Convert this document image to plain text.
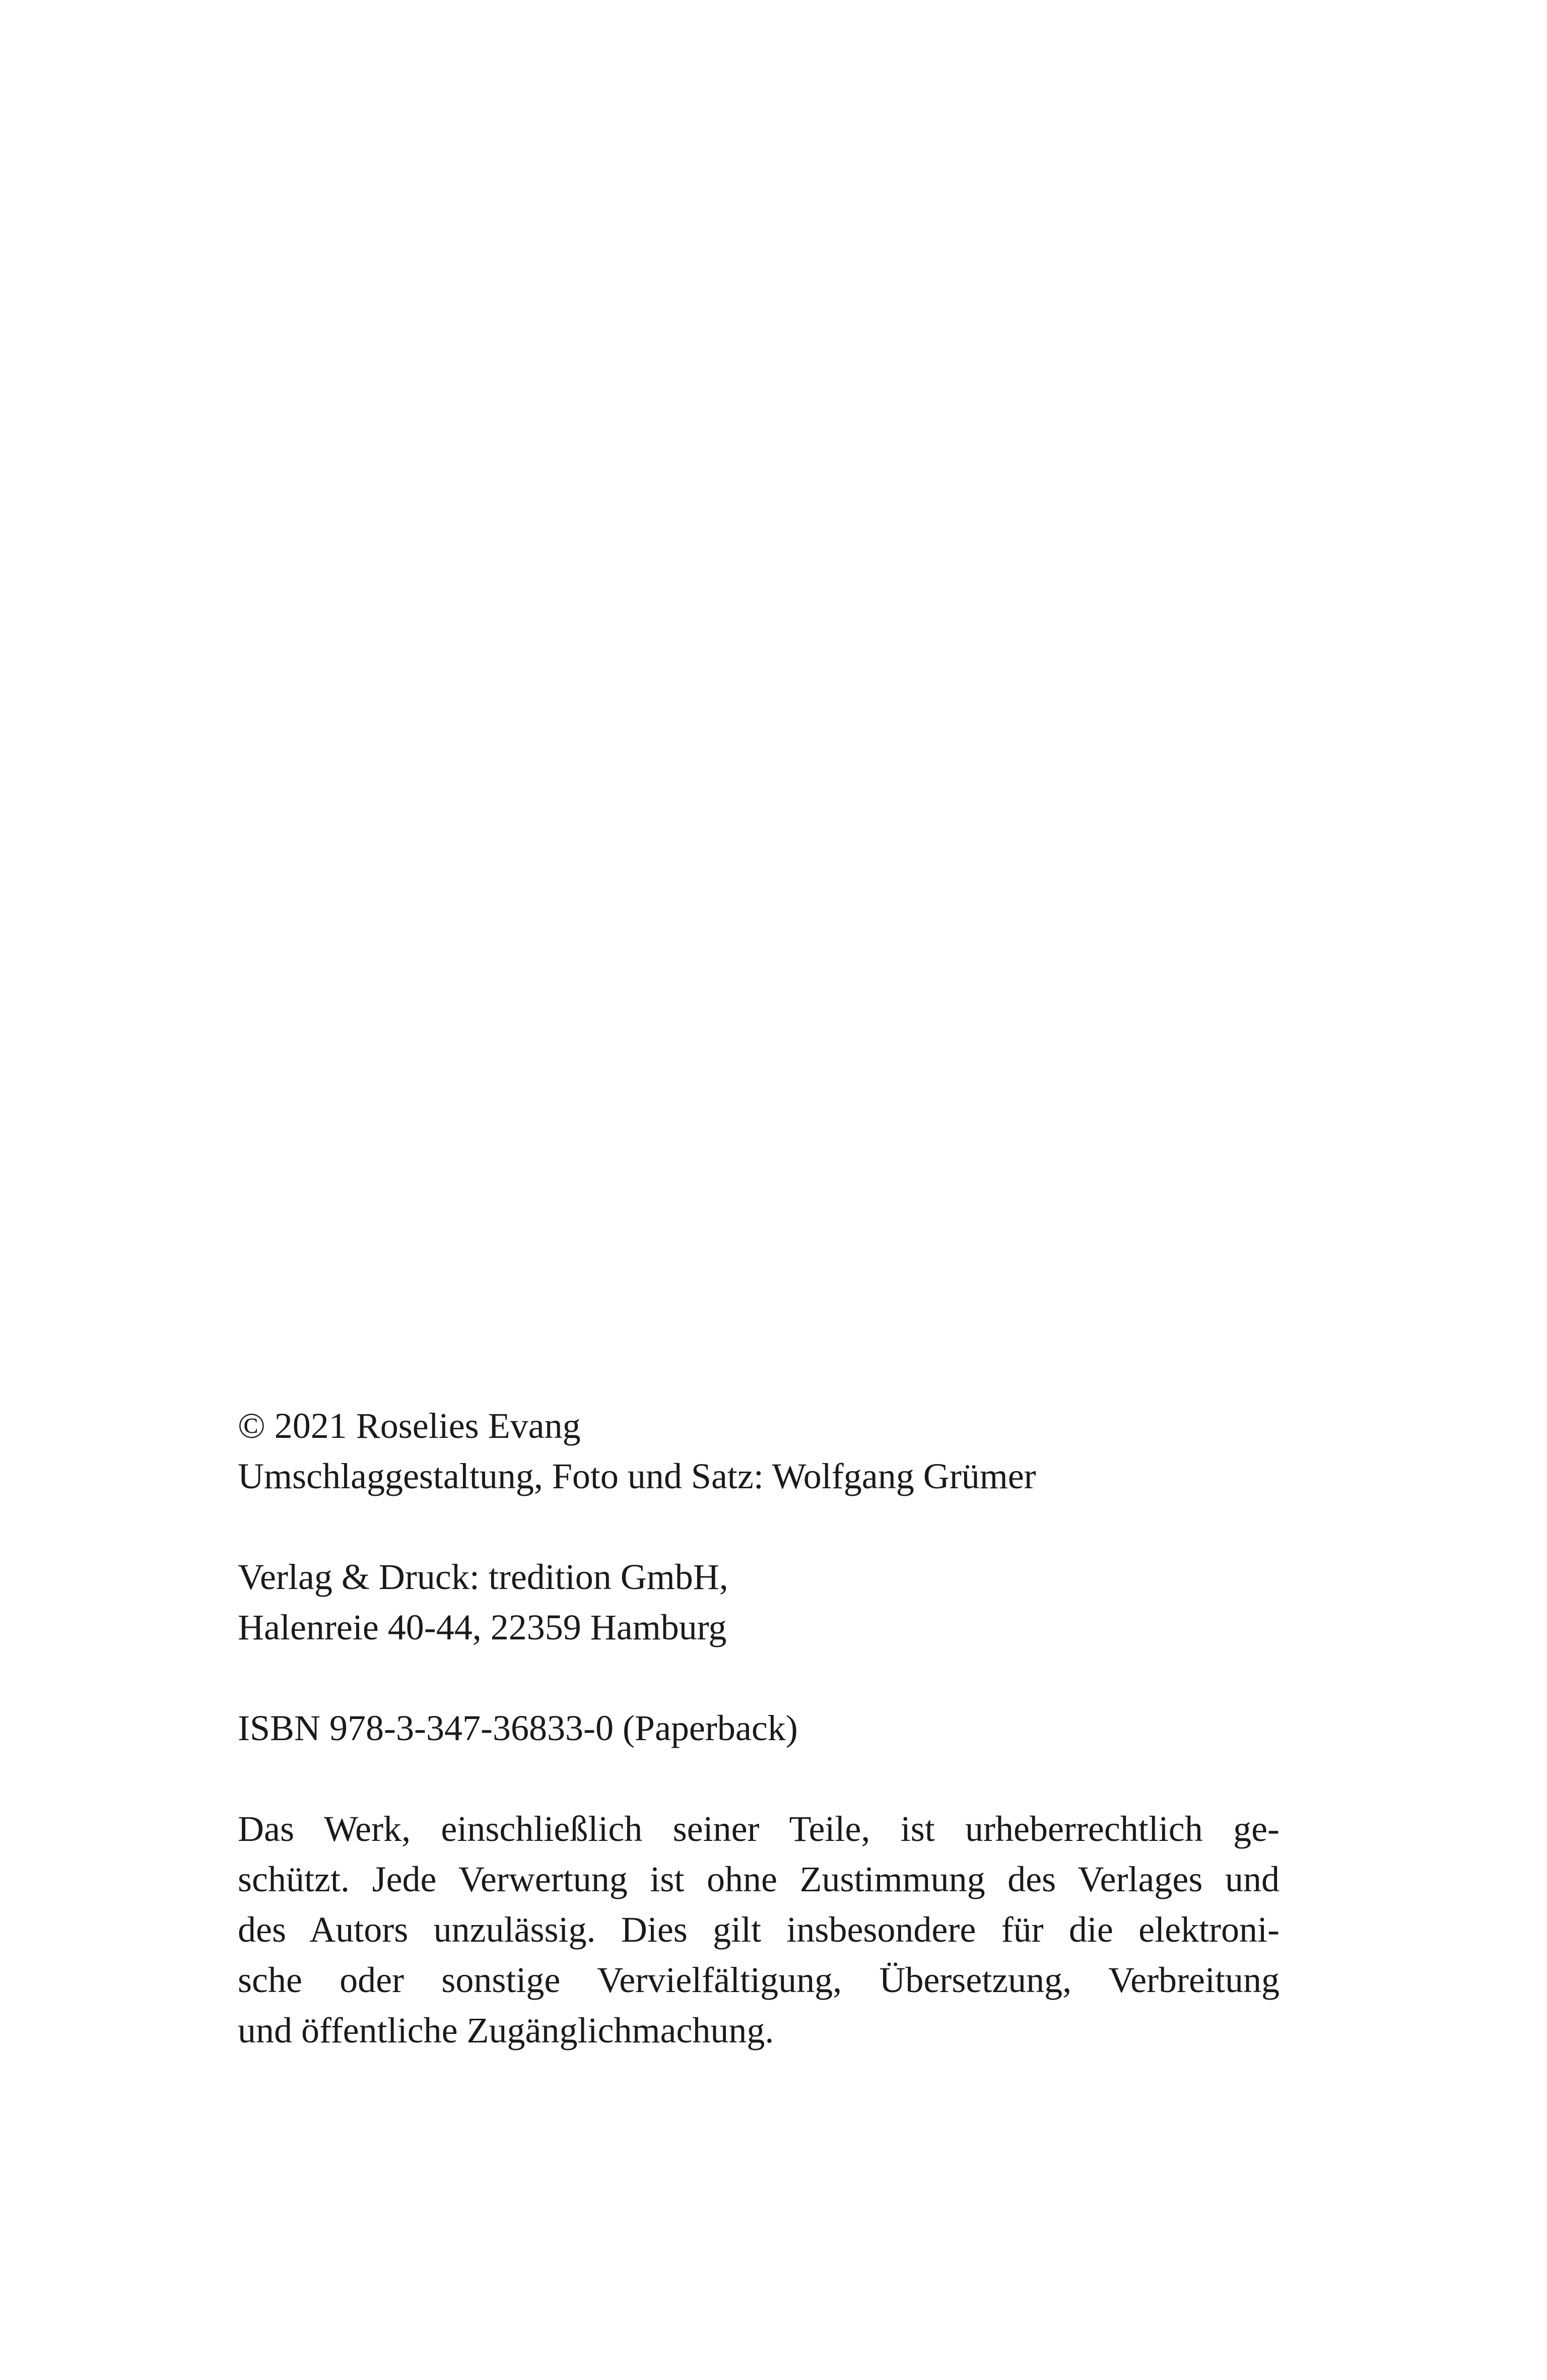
© 2021 Roselies Evang
Umschlaggestaltung, Foto und Satz: Wolfgang Grümer
Verlag & Druck: tredition GmbH,
Halenreie 40-44, 22359 Hamburg
ISBN 978-3-347-36833-0 (Paperback)
Das Werk, einschließlich seiner Teile, ist urheberrechtlich ge-
schützt. Jede Verwertung ist ohne Zustimmung des Verlages und
des Autors unzulässig. Dies gilt insbesondere für die elektroni-
sche oder sonstige Vervielfältigung, Übersetzung, Verbreitung
und öffentliche Zugänglichmachung.
